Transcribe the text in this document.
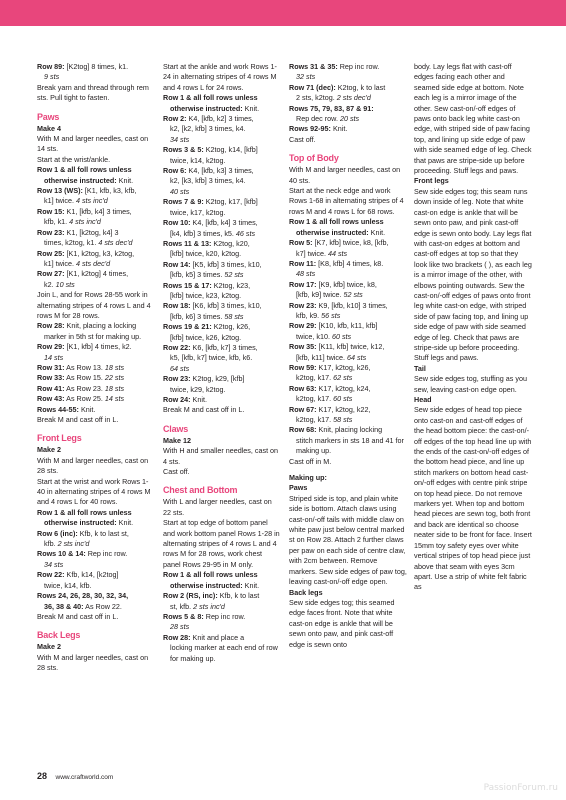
Row 89: [K2tog] 8 times, k1.

9 sts

Break yarn and thread through rem sts. Pull tight to fasten.

Paws

Make 4

With M and larger needles, cast on 14 sts.

Start at the wrist/ankle.

Row 1 & all foll rows unless

otherwise instructed: Knit.

Row 13 (WS): [K1, kfb, k3, kfb,

k1] twice. 4 sts inc'd

Row 15: K1, [kfb, k4] 3 times,

kfb, k1. 4 sts inc'd

Row 23: K1, [k2tog, k4] 3

times, k2tog, k1. 4 sts dec'd

Row 25: [K1, k2tog, k3, k2tog,

k1] twice. 4 sts dec'd

Row 27: [K1, k2tog] 4 times,

k2. 10 sts

Join L, and for Rows 28-55 work in alternating stripes of 4 rows L and 4 rows M for 28 rows.

Row 28: Knit, placing a locking

marker in 5th st for making up.

Row 29: [K1, kfb] 4 times, k2.

14 sts

Row 31: As Row 13. 18 sts

Row 33: As Row 15. 22 sts

Row 41: As Row 23. 18 sts

Row 43: As Row 25. 14 sts

Rows 44-55: Knit.

Break M and cast off in L.

Front Legs

Make 2

With M and larger needles, cast on 28 sts.

Start at the wrist and work Rows 1-40 in alternating stripes of 4 rows M and 4 rows L for 40 rows.

Row 1 & all foll rows unless

otherwise instructed: Knit.

Row 6 (inc): Kfb, k to last st,

kfb. 2 sts inc'd

Rows 10 & 14: Rep inc row.

34 sts

Row 22: Kfb, k14, [k2tog]

twice, k14, kfb.

Rows 24, 26, 28, 30, 32, 34,

36, 38 & 40: As Row 22.

Break M and cast off in L.

Back Legs

Make 2

With M and larger needles, cast on 28 sts.

Start at the ankle and work Rows 1-24 in alternating stripes of 4 rows M and 4 rows L for 24 rows.

Row 1 & all foll rows unless

otherwise instructed: Knit.

Row 2: K4, [kfb, k2] 3 times,

k2, [k2, kfb] 3 times, k4.

34 sts

Rows 3 & 5: K2tog, k14, [kfb]

twice, k14, k2tog.

Row 6: K4, [kfb, k3] 3 times,

k2, [k3, kfb] 3 times, k4.

40 sts

Rows 7 & 9: K2tog, k17, [kfb]

twice, k17, k2tog.

Row 10: K4, [kfb, k4] 3 times,

[k4, kfb] 3 times, k5. 46 sts

Rows 11 & 13: K2tog, k20,

[kfb] twice, k20, k2tog.

Row 14: [K5, kfb] 3 times, k10,

[kfb, k5] 3 times. 52 sts

Rows 15 & 17: K2tog, k23,

[kfb] twice, k23, k2tog.

Row 18: [K6, kfb] 3 times, k10,

[kfb, k6] 3 times. 58 sts

Rows 19 & 21: K2tog, k26,

[kfb] twice, k26, k2tog.

Row 22: K6, [kfb, k7] 3 times,

k5, [kfb, k7] twice, kfb, k6.

64 sts

Row 23: K2tog, k29, [kfb]

twice, k29, k2tog.

Row 24: Knit.

Break M and cast off in L.

Claws

Make 12

With H and smaller needles, cast on 4 sts.

Cast off.

Chest and Bottom

With L and larger needles, cast on 22 sts.

Start at top edge of bottom panel and work bottom panel Rows 1-28 in alternating stripes of 4 rows L and 4 rows M for 28 rows, work chest panel Rows 29-95 in M only.

Row 1 & all foll rows unless

otherwise instructed: Knit.

Row 2 (RS, inc): Kfb, k to last

st, kfb. 2 sts inc'd

Rows 5 & 8: Rep inc row.

28 sts

Row 28: Knit and place a

locking marker at each end of row for making up.

Rows 31 & 35: Rep inc row.

32 sts

Row 71 (dec): K2tog, k to last

2 sts, k2tog. 2 sts dec'd

Rows 75, 79, 83, 87 & 91:

Rep dec row. 20 sts

Rows 92-95: Knit.

Cast off.

Top of Body

With M and larger needles, cast on 40 sts.

Start at the neck edge and work Rows 1-68 in alternating stripes of 4 rows M and 4 rows L for 68 rows.

Row 1 & all foll rows unless

otherwise instructed: Knit.

Row 5: [K7, kfb] twice, k8, [kfb,

k7] twice. 44 sts

Row 11: [K8, kfb] 4 times, k8.

48 sts

Row 17: [K9, kfb] twice, k8,

[kfb, k9] twice. 52 sts

Row 23: K9, [kfb, k10] 3 times,

kfb, k9. 56 sts

Row 29: [K10, kfb, k11, kfb]

twice, k10. 60 sts

Row 35: [K11, kfb] twice, k12,

[kfb, k11] twice. 64 sts

Row 59: K17, k2tog, k26,

k2tog, k17. 62 sts

Row 63: K17, k2tog, k24,

k2tog, k17. 60 sts

Row 67: K17, k2tog, k22,

k2tog, k17. 58 sts

Row 68: Knit, placing locking

stitch markers in sts 18 and 41 for making up.

Cast off in M.

Making up:

Paws

Striped side is top, and plain white side is bottom. Attach claws using cast-on/-off tails with middle claw on white paw just below central marked st on Row 28. Attach 2 further claws per paw on each side of centre claw, with 2cm between. Remove markers. Sew side edges of paw tog, leaving cast-on/-off edge open.

Back legs

Sew side edges tog; this seamed edge faces front. Note that white cast-on edge is ankle that will be sewn onto paw, and pink cast-off edge is sewn onto

body. Lay legs flat with cast-off edges facing each other and seamed side edge at bottom. Note each leg is a mirror image of the other. Sew cast-on/-off edges of paws onto back leg white cast-on edge, with striped side of paw facing top, and lining up side edge of paw with side seamed edge of leg. Check that paws are stripe-side up before proceeding. Stuff legs and paws.

Front legs

Sew side edges tog; this seam runs down inside of leg. Note that white cast-on edge is ankle that will be sewn onto paw, and pink cast-off edge is sewn onto body. Lay legs flat with cast-on edges at bottom and cast-off edges at top so that they look like two brackets ( ), as each leg is a mirror image of the other, with elbows pointing outwards. Sew the cast-on/-off edges of paws onto front leg white cast-on edge, with striped side of paw facing top, and lining up side edge of paw with side seamed edge of leg. Check that paws are stripe-side up before proceeding. Stuff legs and paws.

Tail

Sew side edges tog, stuffing as you sew, leaving cast-on edge open.

Head

Sew side edges of head top piece onto cast-on and cast-off edges of the head bottom piece: the cast-on/-off edges of the top head line up with the ends of the cast-on/-off edges of the bottom head piece, and line up stitch markers on bottom head cast-on/-off edges with centre pink stripe on top head piece. Do not remove markers yet. When top and bottom head pieces are sewn tog, both front and back are identical so choose neater side to be front for face. Insert 15mm toy safety eyes over white vertical stripes of top head piece just above that seam with eyes 3cm apart. Use a strip of white felt fabric as

28 www.craftworld.com
PassionForum.ru
